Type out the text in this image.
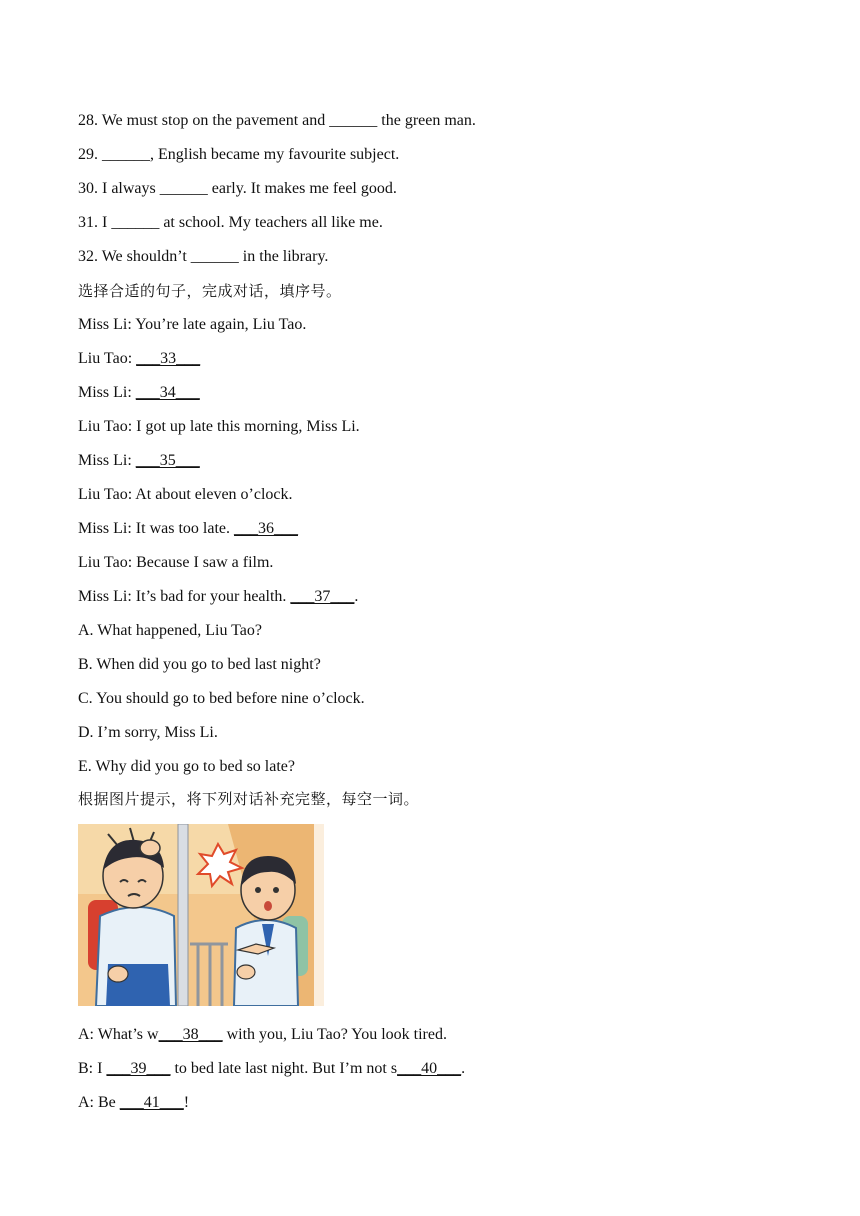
28. We must stop on the pavement and ______ the green man.
29. ______, English became my favourite subject.
30. I always ______ early. It makes me feel good.
31. I ______ at school. My teachers all like me.
32. We shouldn’t ______ in the library.
选择合适的句子，完成对话，填序号。
Miss Li: You’re late again, Liu Tao.
Liu Tao: ___33___
Miss Li: ___34___
Liu Tao: I got up late this morning, Miss Li.
Miss Li: ___35___
Liu Tao: At about eleven o’clock.
Miss Li: It was too late. ___36___
Liu Tao: Because I saw a film.
Miss Li: It’s bad for your health. ___37___.
A. What happened, Liu Tao?
B. When did you go to bed last night?
C. You should go to bed before nine o’clock.
D. I’m sorry, Miss Li.
E. Why did you go to bed so late?
根据图片提示，将下列对话补充完整，每空一词。
A: What’s w___38___ with you, Liu Tao? You look tired.
B: I ___39___ to bed late last night. But I’m not s___40___.
A: Be ___41___!
